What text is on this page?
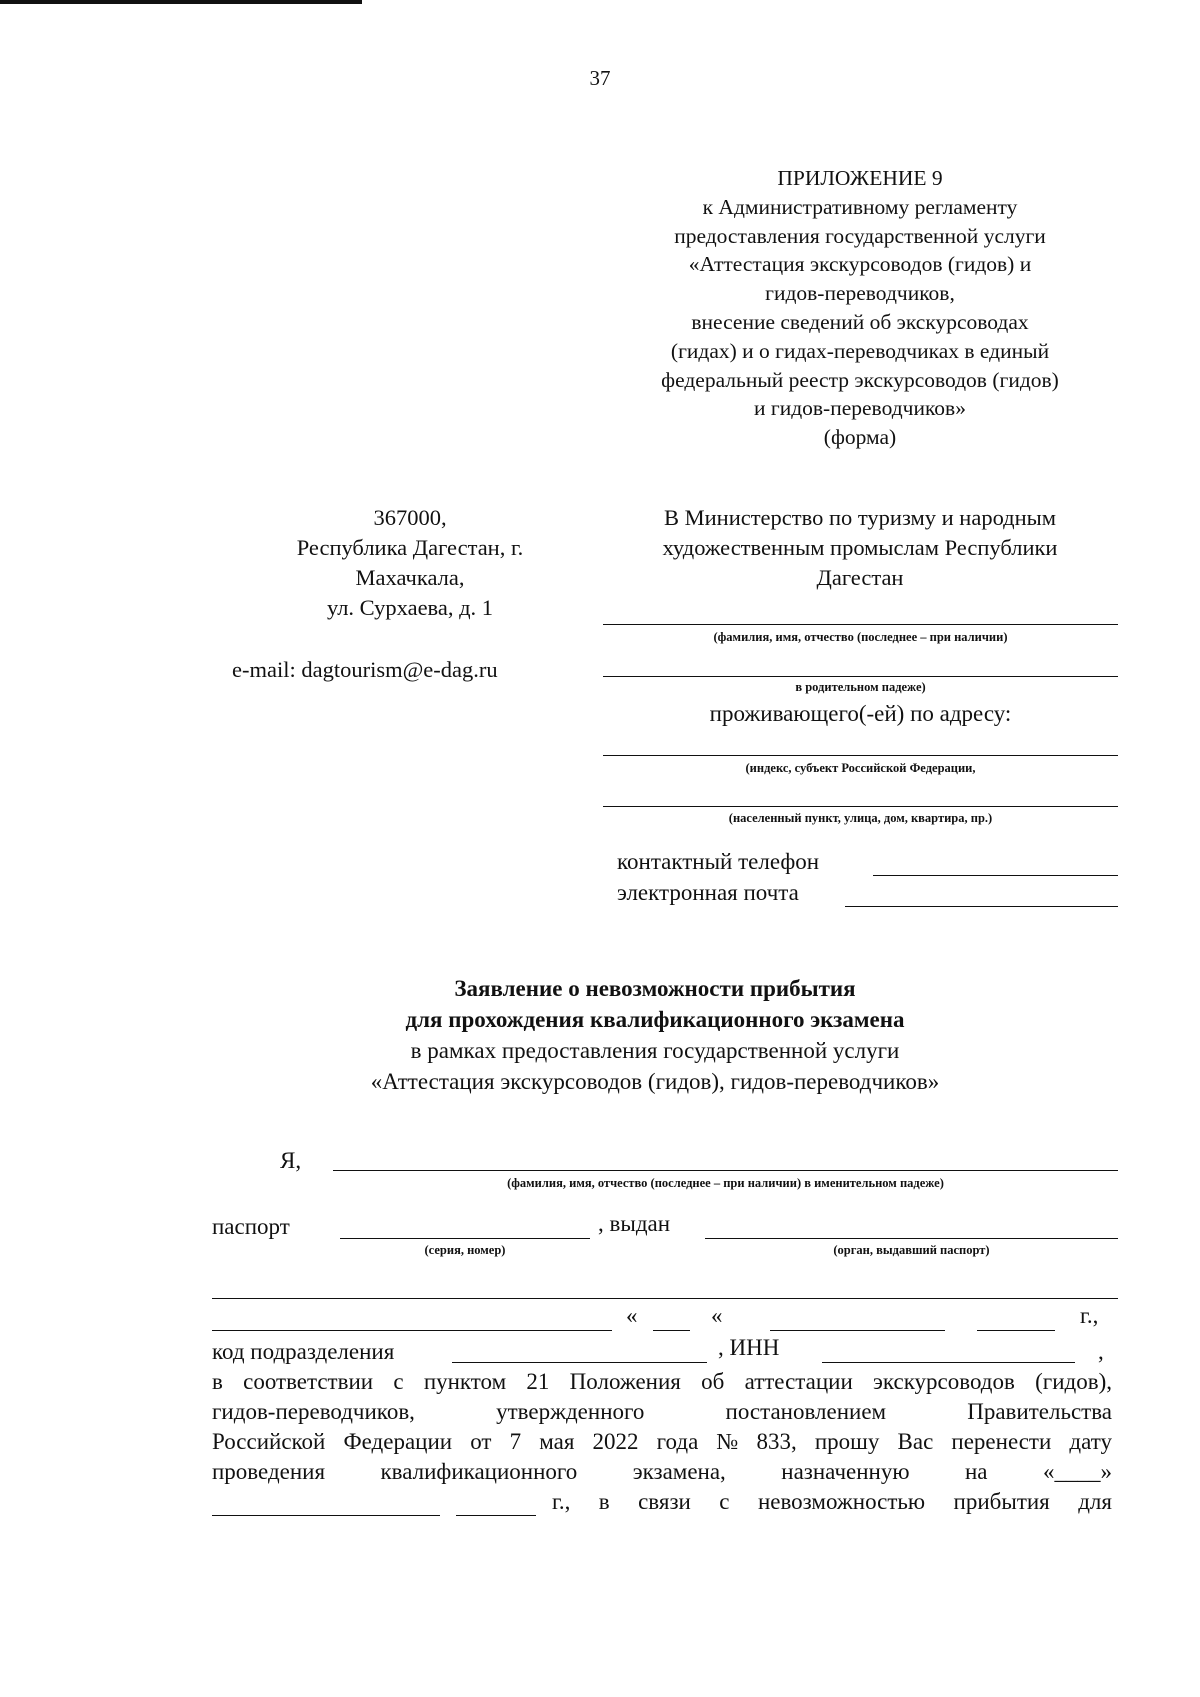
37
ПРИЛОЖЕНИЕ 9
к Административному регламенту
предоставления государственной услуги
«Аттестация экскурсоводов (гидов) и
гидов-переводчиков,
внесение сведений об экскурсоводах
(гидах) и о гидах-переводчиках в единый
федеральный реестр экскурсоводов (гидов)
и гидов-переводчиков»
(форма)
367000,
Республика Дагестан, г.
Махачкала,
ул. Сурхаева, д. 1
e-mail: dagtourism@e-dag.ru
В Министерство по туризму и народным
художественным промыслам Республики
Дагестан
(фамилия, имя, отчество (последнее – при наличии)
в родительном падеже)
проживающего(-ей) по адресу:
(индекс, субъект Российской Федерации,
(населенный пункт, улица, дом, квартира, пр.)
контактный телефон
электронная почта
Заявление о невозможности прибытия
для прохождения квалификационного экзамена
в рамках предоставления государственной услуги
«Аттестация экскурсоводов (гидов), гидов-переводчиков»
Я,
(фамилия, имя, отчество (последнее – при наличии) в именительном падеже)
паспорт
(серия, номер)
, выдан
(орган, выдавший паспорт)
«	«	г.,
код подразделения	, ИНН	,
в соответствии с пунктом 21 Положения об аттестации экскурсоводов (гидов),
гидов-переводчиков,	утвержденного	постановлением	Правительства
Российской Федерации от 7 мая 2022 года № 833, прошу Вас перенести дату
проведения квалификационного экзамена, назначенную на «____»
г., в связи с невозможностью прибытия для
